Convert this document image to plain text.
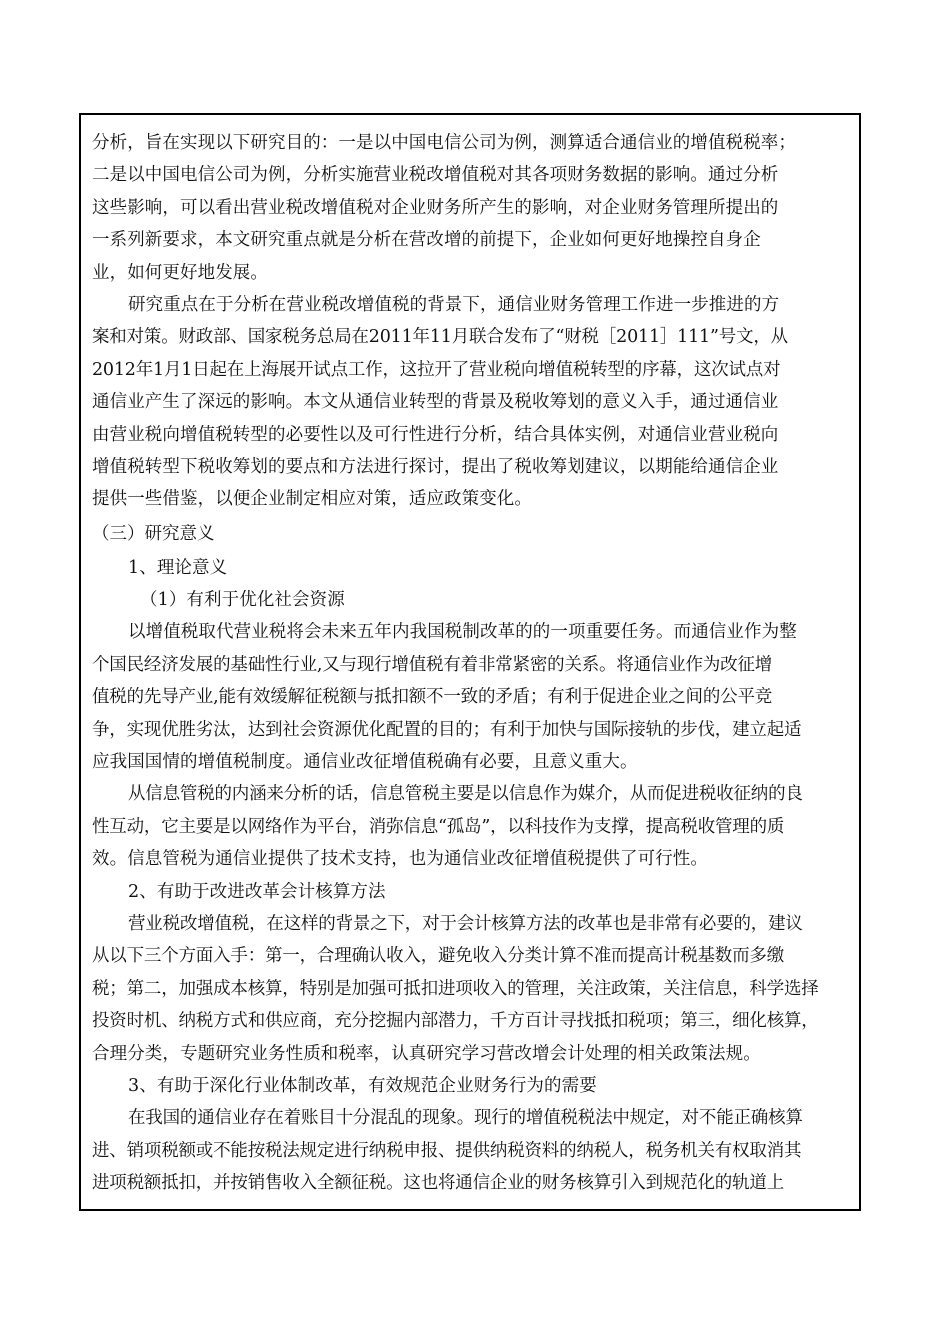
分析，旨在实现以下研究目的：一是以中国电信公司为例，测算适合通信业的增值税税率；
二是以中国电信公司为例，分析实施营业税改增值税对其各项财务数据的影响。通过分析
这些影响，可以看出营业税改增值税对企业财务所产生的影响，对企业财务管理所提出的
一系列新要求，本文研究重点就是分析在营改增的前提下，企业如何更好地操控自身企
业，如何更好地发展。
研究重点在于分析在营业税改增值税的背景下，通信业财务管理工作进一步推进的方
案和对策。财政部、国家税务总局在2011年11月联合发布了“财税［2011］111”号文，从
2012年1月1日起在上海展开试点工作，这拉开了营业税向增值税转型的序幕，这次试点对
通信业产生了深远的影响。本文从通信业转型的背景及税收筹划的意义入手，通过通信业
由营业税向增值税转型的必要性以及可行性进行分析，结合具体实例，对通信业营业税向
增值税转型下税收筹划的要点和方法进行探讨，提出了税收筹划建议，以期能给通信企业
提供一些借鉴，以便企业制定相应对策，适应政策变化。
（三）研究意义
1、理论意义
（1）有利于优化社会资源
以增值税取代营业税将会未来五年内我国税制改革的的一项重要任务。而通信业作为整
个国民经济发展的基础性行业,又与现行增值税有着非常紧密的关系。将通信业作为改征增
值税的先导产业,能有效缓解征税额与抵扣额不一致的矛盾；有利于促进企业之间的公平竞
争，实现优胜劣汰，达到社会资源优化配置的目的；有利于加快与国际接轨的步伐，建立起适
应我国国情的增值税制度。通信业改征增值税确有必要，且意义重大。
从信息管税的内涵来分析的话，信息管税主要是以信息作为媒介，从而促进税收征纳的良
性互动，它主要是以网络作为平台，消弥信息“孤岛”，以科技作为支撑，提高税收管理的质
效。信息管税为通信业提供了技术支持，也为通信业改征增值税提供了可行性。
2、有助于改进改革会计核算方法
营业税改增值税，在这样的背景之下，对于会计核算方法的改革也是非常有必要的，建议
从以下三个方面入手：第一，合理确认收入，避免收入分类计算不准而提高计税基数而多缴
税；第二，加强成本核算，特别是加强可抵扣进项收入的管理，关注政策，关注信息，科学选择
投资时机、纳税方式和供应商，充分挖掘内部潜力，千方百计寻找抵扣税项；第三，细化核算，
合理分类，专题研究业务性质和税率，认真研究学习营改增会计处理的相关政策法规。
3、有助于深化行业体制改革，有效规范企业财务行为的需要
在我国的通信业存在着账目十分混乱的现象。现行的增值税税法中规定，对不能正确核算
进、销项税额或不能按税法规定进行纳税申报、提供纳税资料的纳税人，税务机关有权取消其
进项税额抵扣，并按销售收入全额征税。这也将通信企业的财务核算引入到规范化的轨道上
